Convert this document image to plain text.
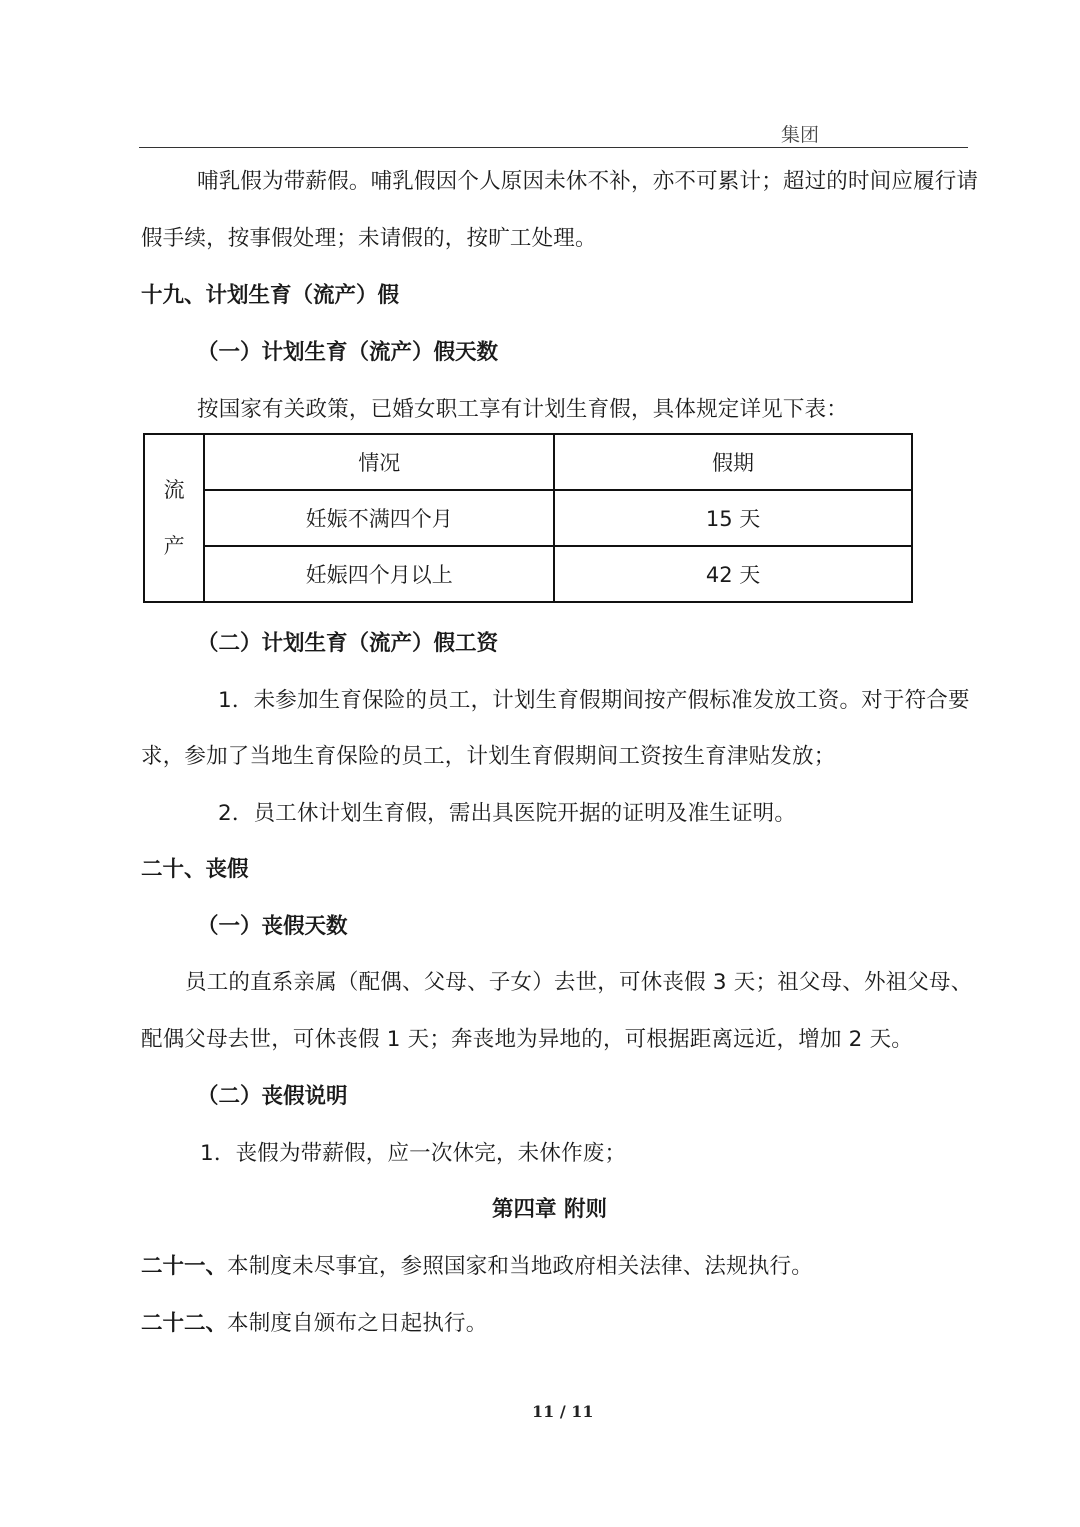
集团
哺乳假为带薪假。哺乳假因个人原因未休不补，亦不可累计；超过的时间应履行请
假手续，按事假处理；未请假的，按旷工处理。
十九、计划生育（流产）假
（一）计划生育（流产）假天数
按国家有关政策，已婚女职工享有计划生育假，具体规定详见下表：
流产	情况	假期
	妊娠不满四个月	15 天
	妊娠四个月以上	42 天
（二）计划生育（流产）假工资
1．未参加生育保险的员工，计划生育假期间按产假标准发放工资。对于符合要
求，参加了当地生育保险的员工，计划生育假期间工资按生育津贴发放；
2．员工休计划生育假，需出具医院开据的证明及准生证明。
二十、丧假
（一）丧假天数
员工的直系亲属（配偶、父母、子女）去世，可休丧假 3 天；祖父母、外祖父母、
配偶父母去世，可休丧假 1 天；奔丧地为异地的，可根据距离远近，增加 2 天。
（二）丧假说明
1．丧假为带薪假，应一次休完，未休作废；
第四章 附则
二十一、本制度未尽事宜，参照国家和当地政府相关法律、法规执行。
二十二、本制度自颁布之日起执行。
11 / 11
